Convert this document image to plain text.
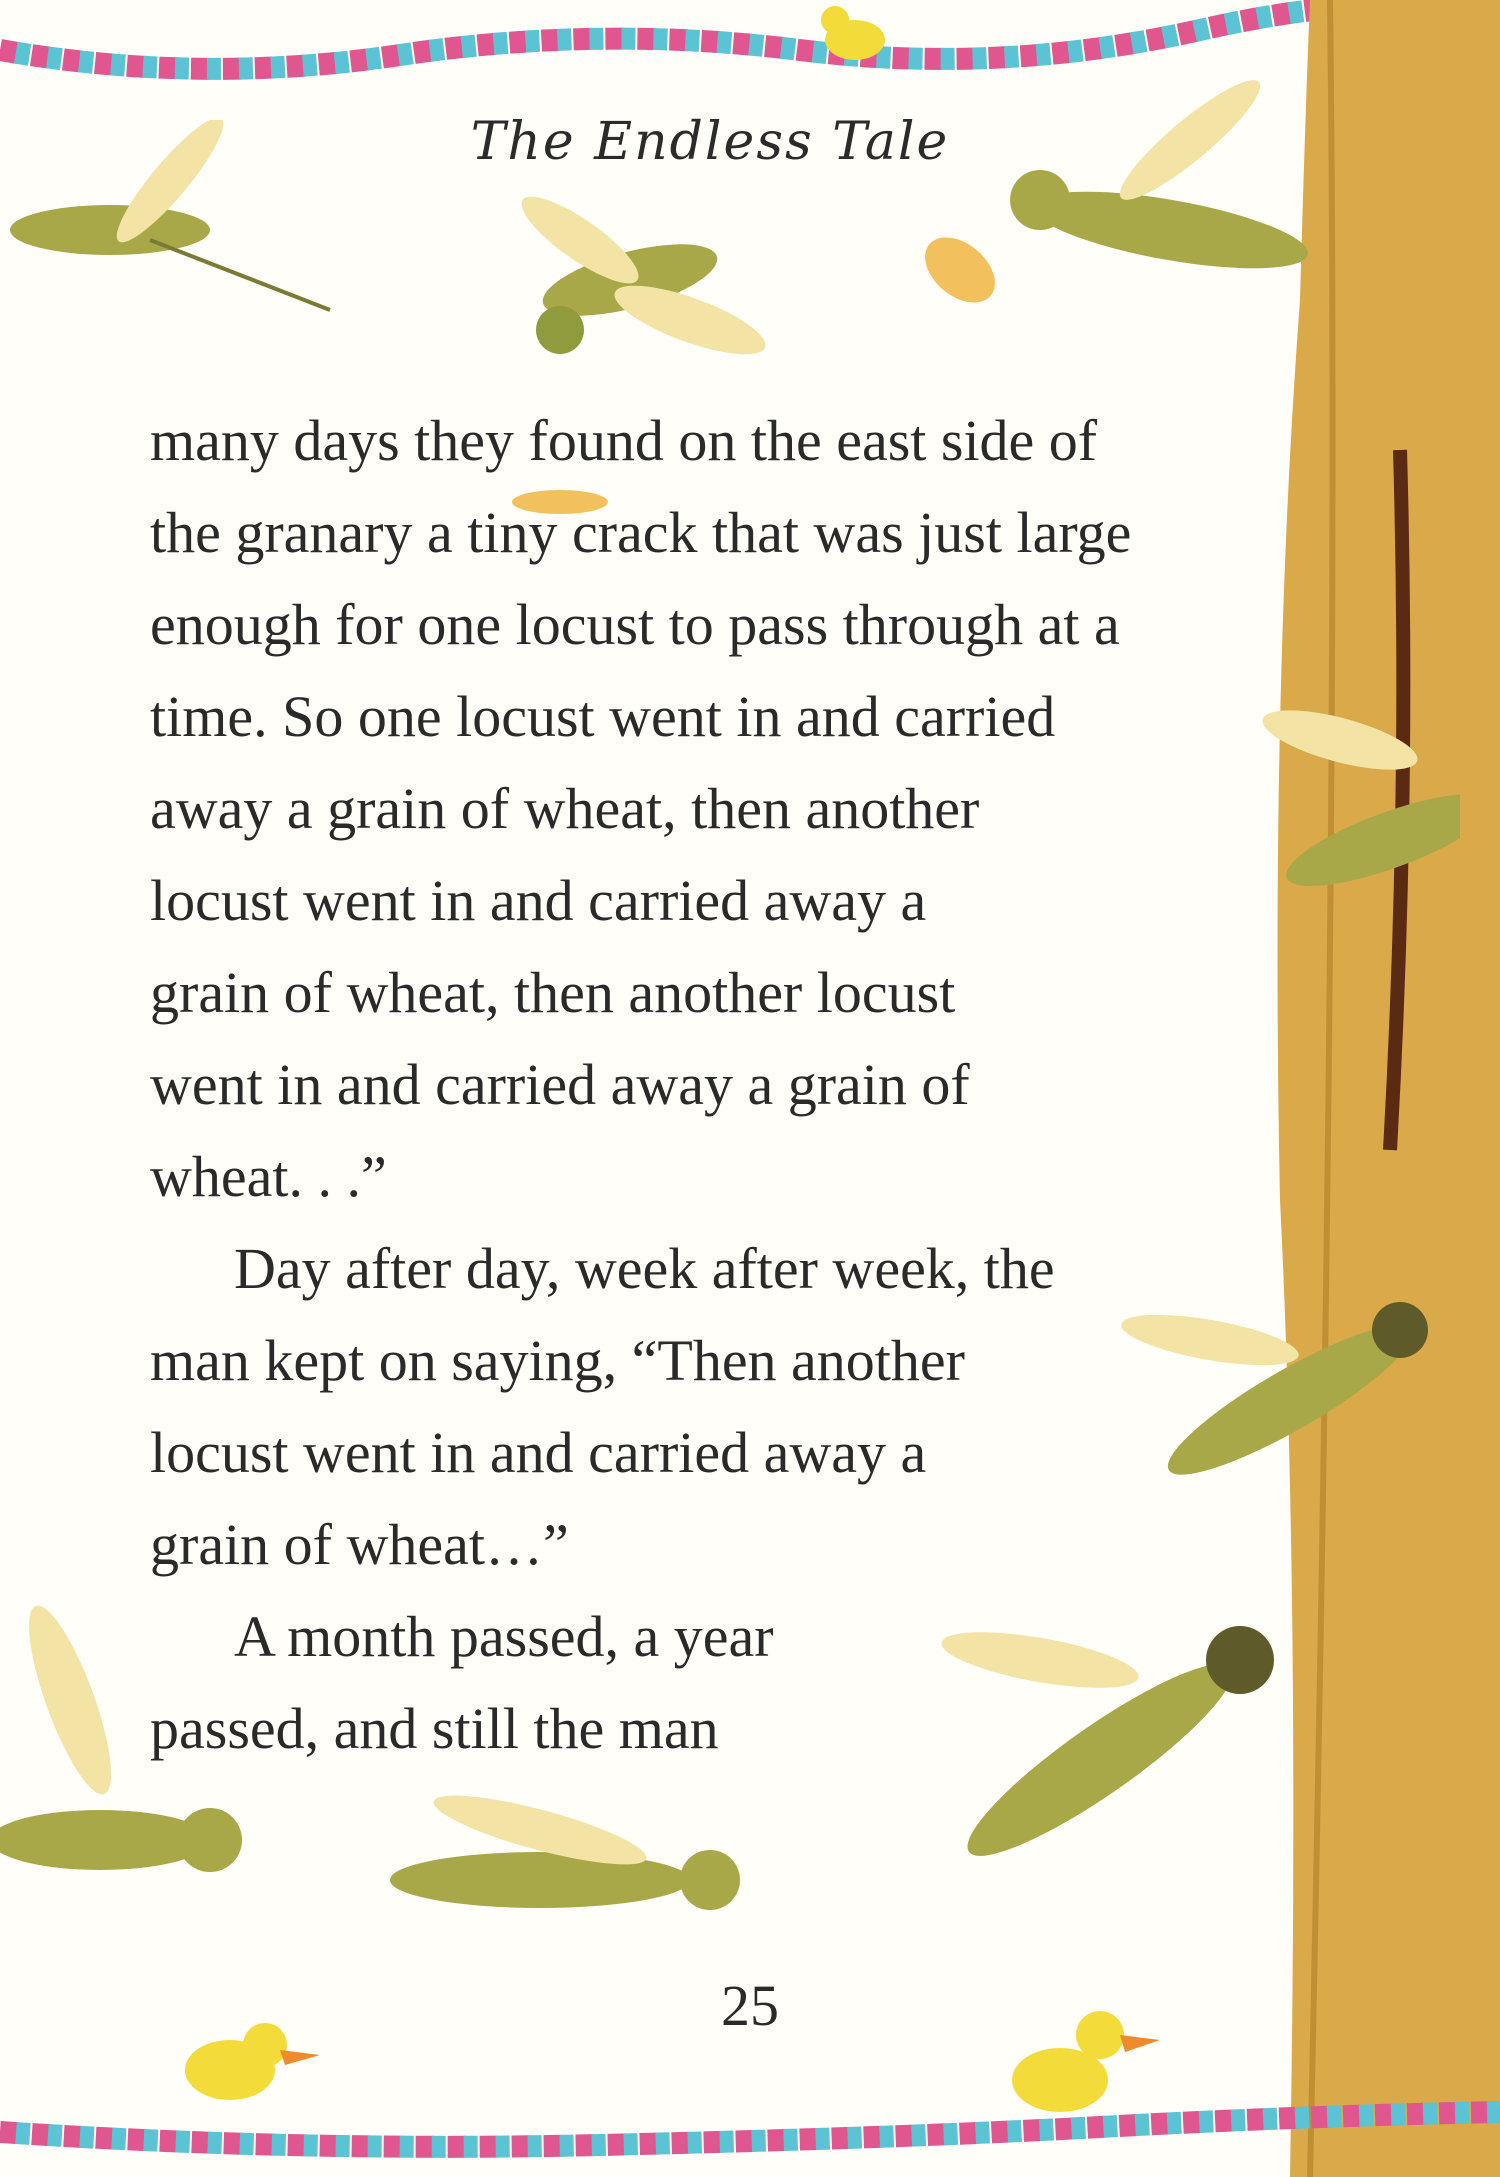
The Endless Tale

many days they found on the east side of
the granary a tiny crack that was just large
enough for one locust to pass through at a
time. So one locust went in and carried
away a grain of wheat, then another
locust went in and carried away a
grain of wheat, then another locust
went in and carried away a grain of
wheat. . .”

Day after day, week after week, the
man kept on saying, “Then another
locust went in and carried away a
grain of wheat…”

A month passed, a year
passed, and still the man

25
